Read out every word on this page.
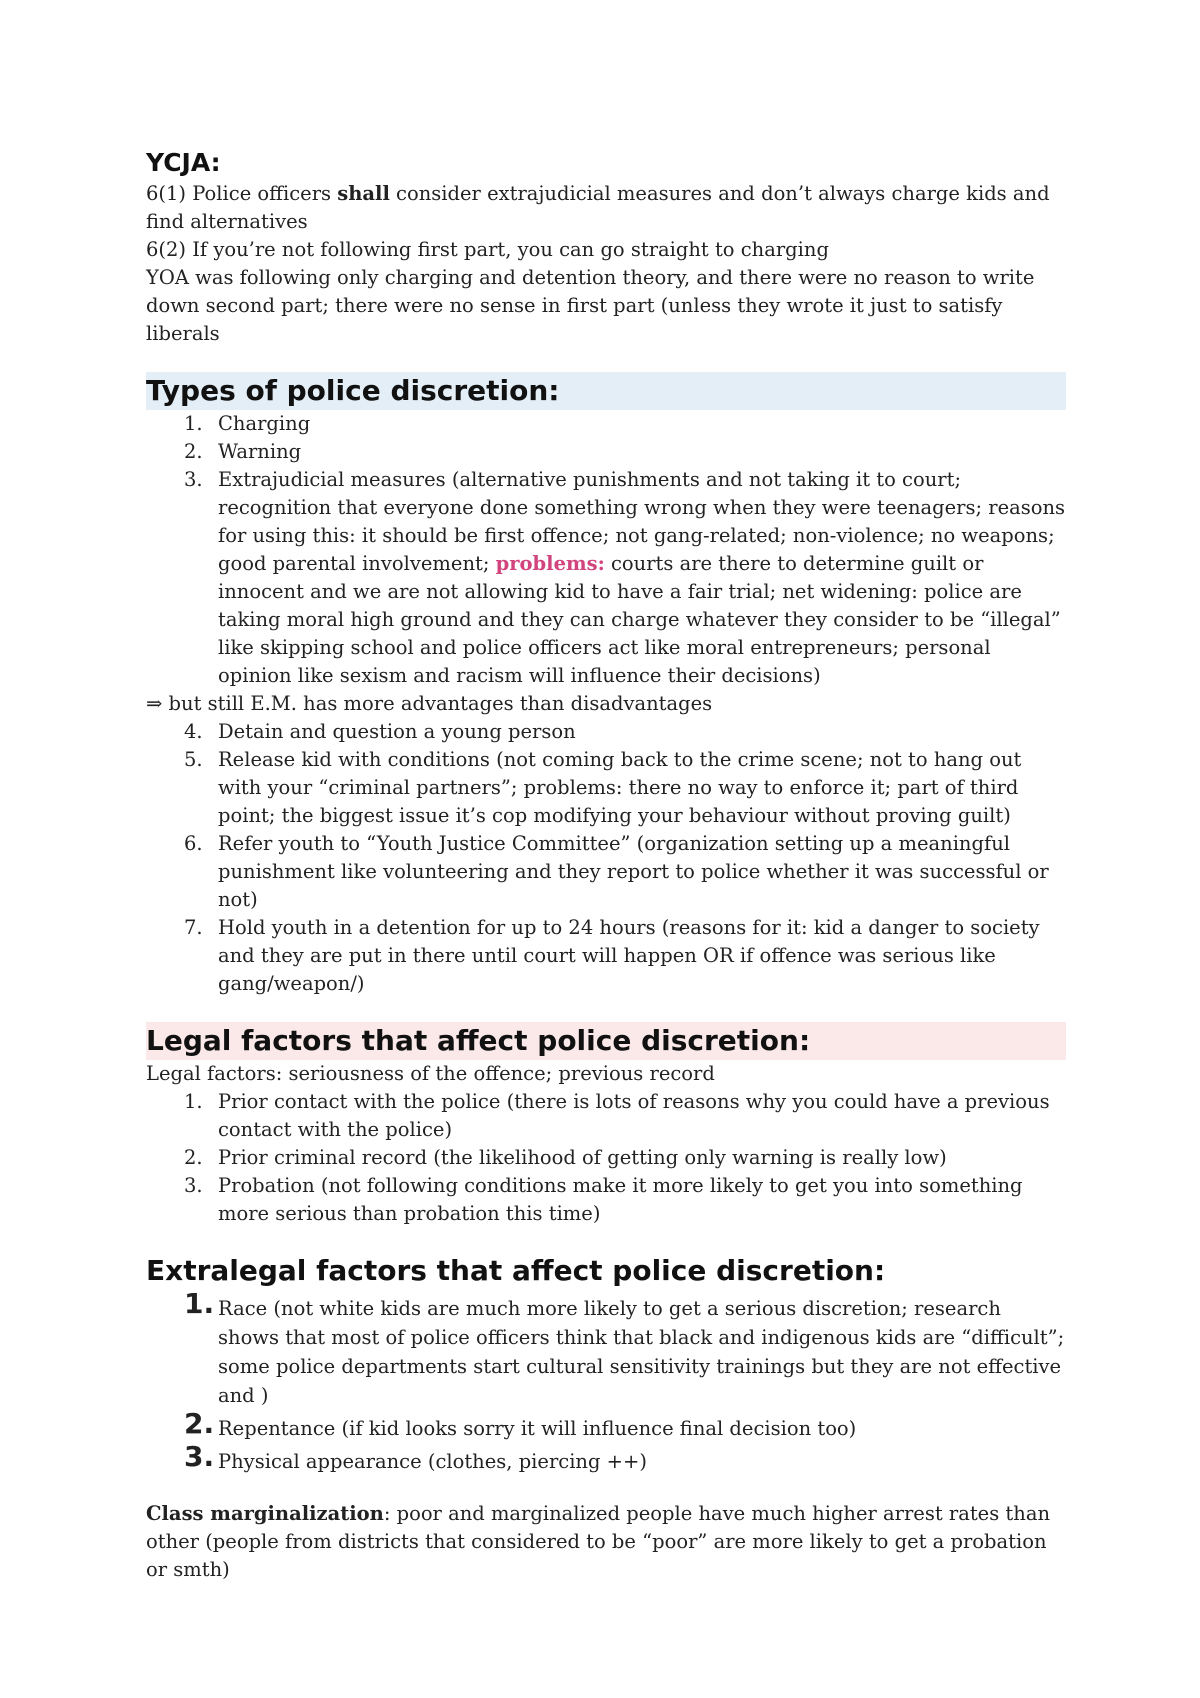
YCJA:

6(1) Police officers shall consider extrajudicial measures and don’t always charge kids and find alternatives

6(2) If you’re not following first part, you can go straight to charging

YOA was following only charging and detention theory, and there were no reason to write down second part; there were no sense in first part (unless they wrote it just to satisfy liberals

Types of police discretion:
1. Charging
2. Warning
3. Extrajudicial measures (alternative punishments and not taking it to court; recognition that everyone done something wrong when they were teenagers; reasons for using this: it should be first offence; not gang-related; non-violence; no weapons; good parental involvement; problems: courts are there to determine guilt or innocent and we are not allowing kid to have a fair trial; net widening: police are taking moral high ground and they can charge whatever they consider to be “illegal” like skipping school and police officers act like moral entrepreneurs; personal opinion like sexism and racism will influence their decisions)

⇒ but still E.M. has more advantages than disadvantages

4. Detain and question a young person
5. Release kid with conditions (not coming back to the crime scene; not to hang out with your “criminal partners”; problems: there no way to enforce it; part of third point; the biggest issue it’s cop modifying your behaviour without proving guilt)
6. Refer youth to “Youth Justice Committee” (organization setting up a meaningful punishment like volunteering and they report to police whether it was successful or not)
7. Hold youth in a detention for up to 24 hours (reasons for it: kid a danger to society and they are put in there until court will happen OR if offence was serious like gang/weapon/)
Legal factors that affect police discretion:

Legal factors: seriousness of the offence; previous record

1. Prior contact with the police (there is lots of reasons why you could have a previous contact with the police)
2. Prior criminal record (the likelihood of getting only warning is really low)
3. Probation (not following conditions make it more likely to get you into something more serious than probation this time)
Extralegal factors that affect police discretion:
1. Race (not white kids are much more likely to get a serious discretion; research shows that most of police officers think that black and indigenous kids are “difficult”; some police departments start cultural sensitivity trainings but they are not effective and )
2. Repentance (if kid looks sorry it will influence final decision too)
3. Physical appearance (clothes, piercing ++)

Class marginalization: poor and marginalized people have much higher arrest rates than other (people from districts that considered to be “poor” are more likely to get a probation or smth)
